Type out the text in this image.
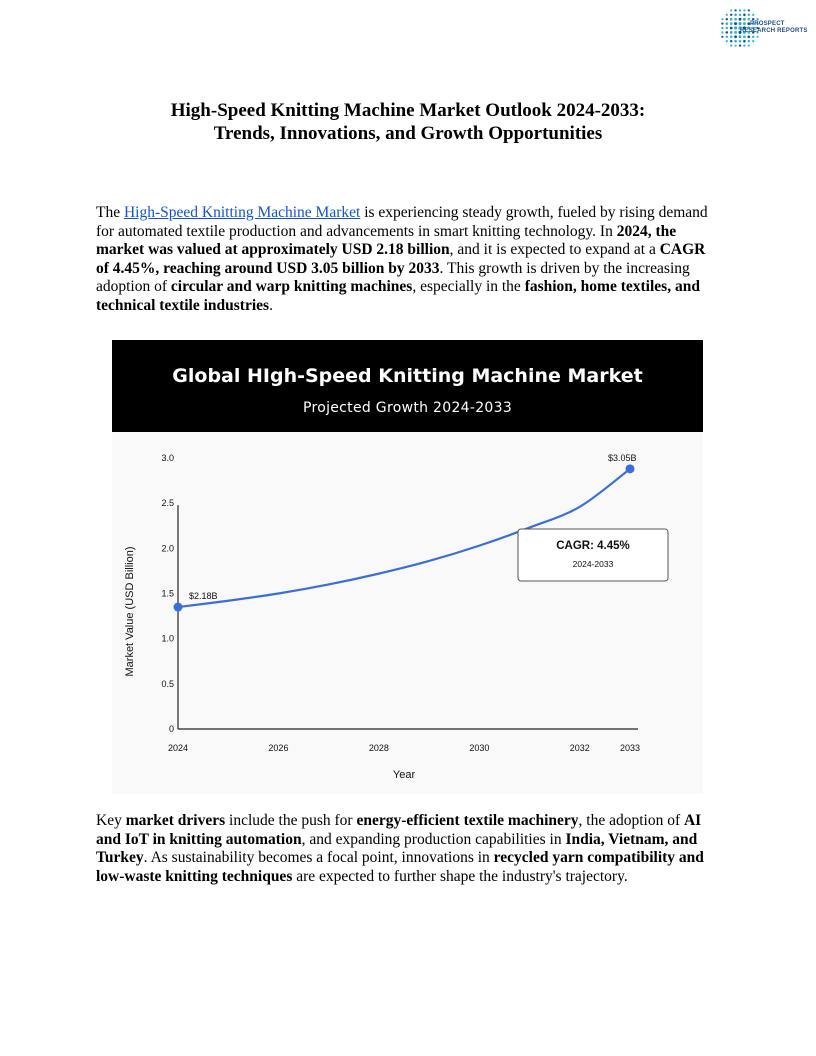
PROSPECT
RESEARCH REPORTS
High-Speed Knitting Machine Market Outlook 2024-2033:
Trends, Innovations, and Growth Opportunities

The High-Speed Knitting Machine Market is experiencing steady growth, fueled by rising demand for automated textile production and advancements in smart knitting technology. In 2024, the market was valued at approximately USD 2.18 billion, and it is expected to expand at a CAGR of 4.45%, reaching around USD 3.05 billion by 2033. This growth is driven by the increasing adoption of circular and warp knitting machines, especially in the fashion, home textiles, and technical textile industries.

Global HIgh-Speed Knitting Machine Market
Projected Growth 2024-2033
3.0
2.5
2.0
1.5
1.0
0.5
0
2024	2026	2028	2030	2032	2033
Year
Market Value (USD Billion)	$2.18B
$3.05B
CAGR: 4.45%
2024-2033

Key market drivers include the push for energy-efficient textile machinery, the adoption of AI and IoT in knitting automation, and expanding production capabilities in India, Vietnam, and Turkey. As sustainability becomes a focal point, innovations in recycled yarn compatibility and low-waste knitting techniques are expected to further shape the industry's trajectory.
